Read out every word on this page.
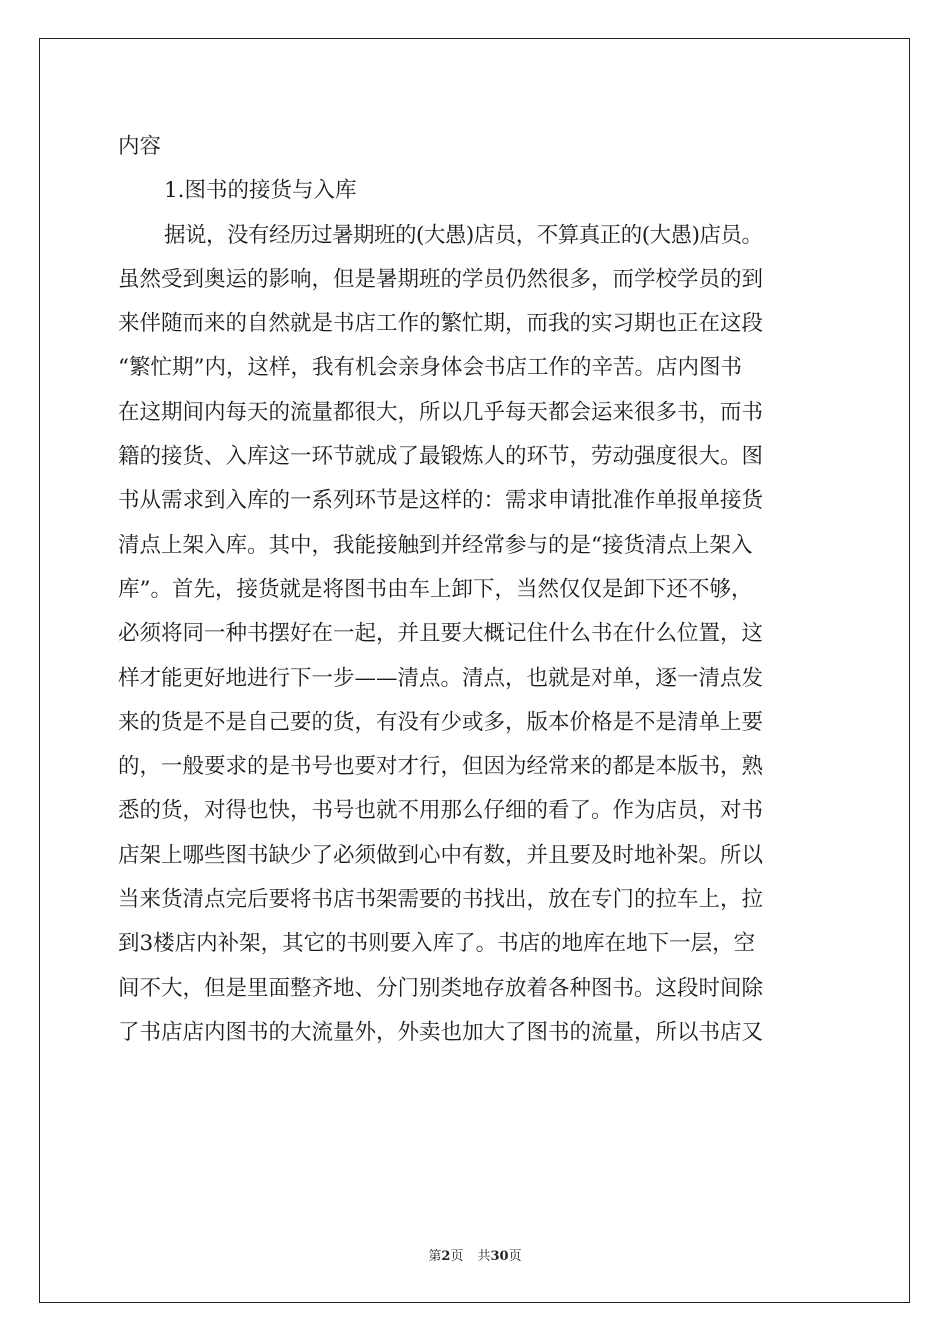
内容
1.图书的接货与入库
据说，没有经历过暑期班的(大愚)店员，不算真正的(大愚)店员。
虽然受到奥运的影响，但是暑期班的学员仍然很多，而学校学员的到
来伴随而来的自然就是书店工作的繁忙期，而我的实习期也正在这段
“繁忙期”内，这样，我有机会亲身体会书店工作的辛苦。店内图书
在这期间内每天的流量都很大，所以几乎每天都会运来很多书，而书
籍的接货、入库这一环节就成了最锻炼人的环节，劳动强度很大。图
书从需求到入库的一系列环节是这样的：需求申请批准作单报单接货
清点上架入库。其中，我能接触到并经常参与的是“接货清点上架入
库”。首先，接货就是将图书由车上卸下，当然仅仅是卸下还不够，
必须将同一种书摆好在一起，并且要大概记住什么书在什么位置，这
样才能更好地进行下一步——清点。清点，也就是对单，逐一清点发
来的货是不是自己要的货，有没有少或多，版本价格是不是清单上要
的，一般要求的是书号也要对才行，但因为经常来的都是本版书，熟
悉的货，对得也快，书号也就不用那么仔细的看了。作为店员，对书
店架上哪些图书缺少了必须做到心中有数，并且要及时地补架。所以
当来货清点完后要将书店书架需要的书找出，放在专门的拉车上，拉
到3楼店内补架，其它的书则要入库了。书店的地库在地下一层，空
间不大，但是里面整齐地、分门别类地存放着各种图书。这段时间除
了书店店内图书的大流量外，外卖也加大了图书的流量，所以书店又
第2页 共30页
